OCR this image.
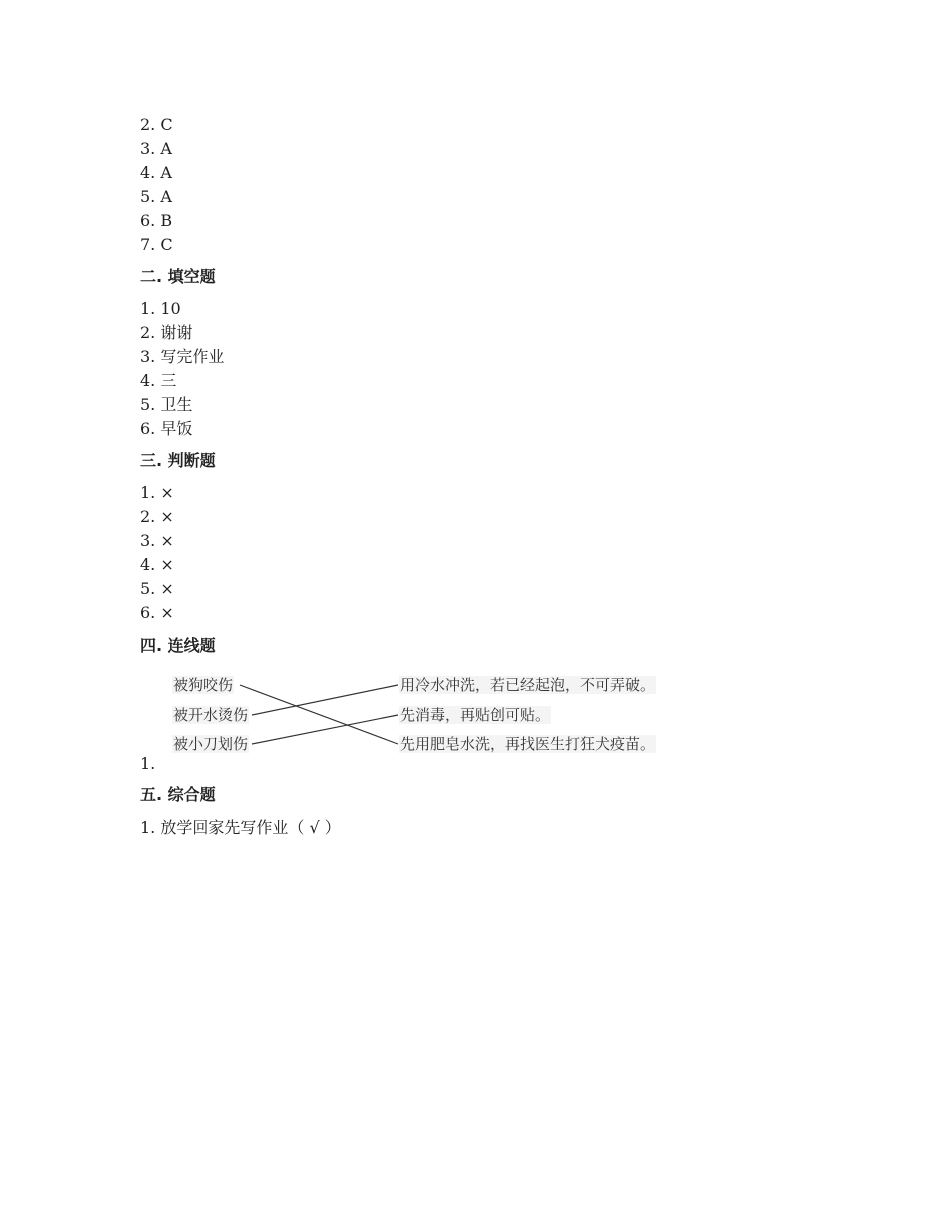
2. C
3. A
4. A
5. A
6. B
7. C
二. 填空题
1. 10
2. 谢谢
3. 写完作业
4. 三
5. 卫生
6. 早饭
三. 判断题
1. ×
2. ×
3. ×
4. ×
5. ×
6. ×
四. 连线题
被狗咬伤
被开水烫伤
被小刀划伤
用冷水冲洗，若已经起泡，不可弄破。
先消毒，再贴创可贴。
先用肥皂水洗，再找医生打狂犬疫苗。
1.
五. 综合题
1. 放学回家先写作业（ √ ）
